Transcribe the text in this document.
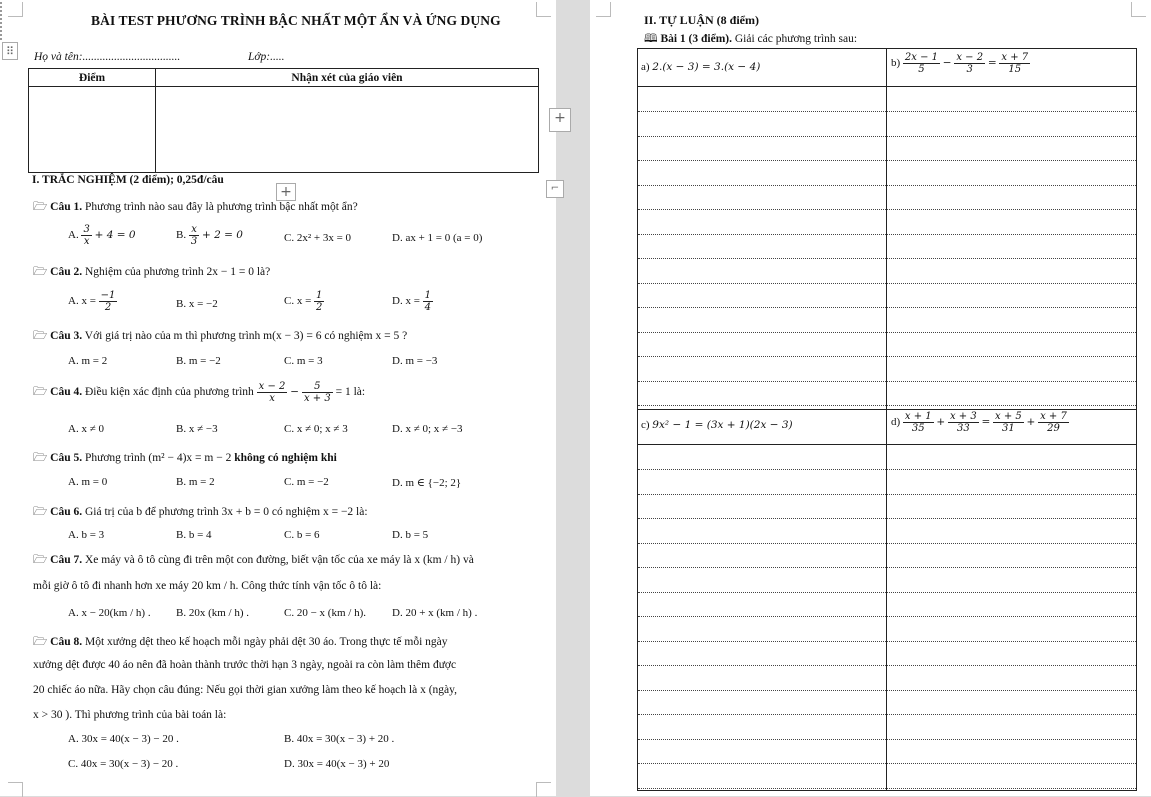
⠿
BÀI TEST PHƯƠNG TRÌNH BẬC NHẤT MỘT ẨN VÀ ỨNG DỤNG
Họ và tên:..................................	Lớp:.....
Điểm	Nhận xét của giáo viên

+
+	⌐
I. TRẮC NGHIỆM (2 điểm); 0,25đ/câu
🗁 Câu 1. Phương trình nào sau đây là phương trình bậc nhất một ẩn?
A. $\frac{3}{x} + 4 = 0$	B. $\frac{x}{3} + 2 = 0$	C. 2x² + 3x = 0	D. ax + 1 = 0 (a = 0)
🗁 Câu 2. Nghiệm của phương trình 2x − 1 = 0 là?
A. $x = \frac{-1}{2}$	B. x = −2	C. $x = \frac{1}{2}$	D. $x = \frac{1}{4}$
🗁 Câu 3. Với giá trị nào của m thì phương trình m(x − 3) = 6 có nghiệm x = 5 ?
A. m = 2	B. m = −2	C. m = 3	D. m = −3
🗁 Câu 4. Điều kiện xác định của phương trình $\frac{x - 2}{x} - \frac{5}{x + 3} = 1$ là:
A. x ≠ 0	B. x ≠ −3	C. x ≠ 0; x ≠ 3	D. x ≠ 0; x ≠ −3
🗁 Câu 5. Phương trình (m² − 4)x = m − 2 không có nghiệm khi
A. m = 0	B. m = 2	C. m = −2	D. m ∈ {−2; 2}
🗁 Câu 6. Giá trị của b để phương trình 3x + b = 0 có nghiệm x = −2 là:
A. b = 3	B. b = 4	C. b = 6	D. b = 5
🗁 Câu 7. Xe máy và ô tô cùng đi trên một con đường, biết vận tốc của xe máy là x (km / h) và
mỗi giờ ô tô đi nhanh hơn xe máy 20 km / h. Công thức tính vận tốc ô tô là:
A. x − 20(km / h) . B. 20x (km / h) .	C. 20 − x (km / h). D. 20 + x (km / h) .
🗁 Câu 8. Một xưởng dệt theo kế hoạch mỗi ngày phải dệt 30 áo. Trong thực tế mỗi ngày
xưởng dệt được 40 áo nên đã hoàn thành trước thời hạn 3 ngày, ngoài ra còn làm thêm được
20 chiếc áo nữa. Hãy chọn câu đúng: Nếu gọi thời gian xưởng làm theo kế hoạch là x (ngày,
x > 30 ). Thì phương trình của bài toán là:
A. 30x = 40(x − 3) − 20 .	B. 40x = 30(x − 3) + 20 .
C. 40x = 30(x − 3) − 20 .	D. 30x = 40(x − 3) + 20
II. TỰ LUẬN (8 điểm)
🕮 Bài 1 (3 điểm). Giải các phương trình sau:
a) 2.(x − 3) = 3.(x − 4)	$b) \frac{2x - 1}{5} - \frac{x - 2}{3} = \frac{x + 7}{15}$
c) 9x² − 1 = (3x + 1)(2x − 3)	$d) \frac{x + 1}{35} + \frac{x + 3}{33} = \frac{x + 5}{31} + \frac{x + 7}{29}$
